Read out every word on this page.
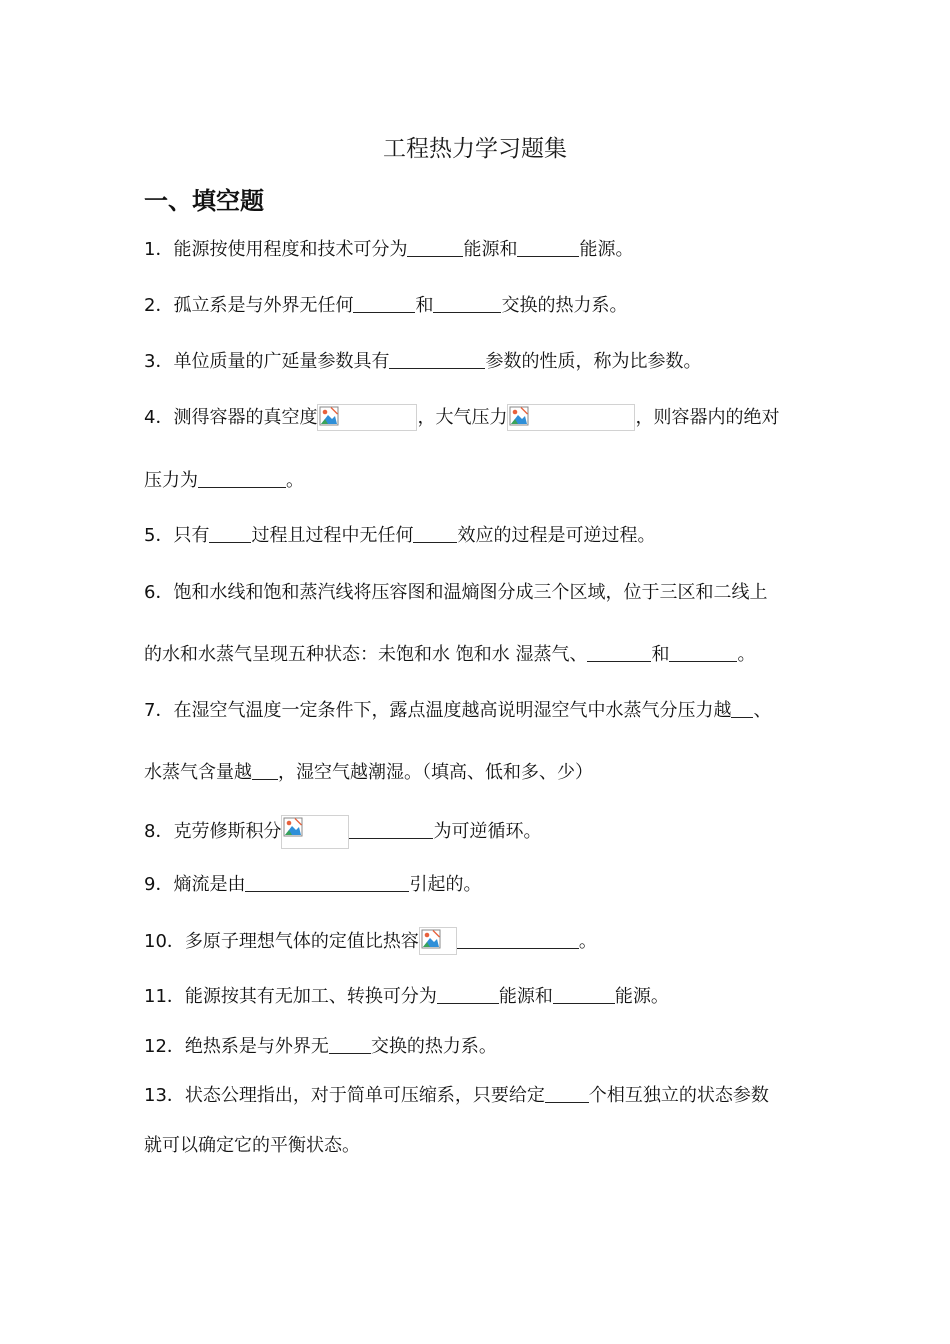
工程热力学习题集
一、填空题
1．能源按使用程度和技术可分为	能源和	能源。
2．孤立系是与外界无任何	和	交换的热力系。
3．单位质量的广延量参数具有	参数的性质，称为比参数。
4．测得容器的真空度	，大气压力	，则容器内的绝对
压力为	。
5．只有 过程且过程中无任何 效应的过程是可逆过程。
6．饱和水线和饱和蒸汽线将压容图和温熵图分成三个区域，位于三区和二线上
的水和水蒸气呈现五种状态：未饱和水 饱和水 湿蒸气、	和	。
7．在湿空气温度一定条件下，露点温度越高说明湿空气中水蒸气分压力越 、
水蒸气含量越 ，湿空气越潮湿。（填高、低和多、少）
8．克劳修斯积分	为可逆循环。
9．熵流是由	引起的。
10．多原子理想气体的定值比热容	。
11．能源按其有无加工、转换可分为	能源和	能源。
12．绝热系是与外界无 交换的热力系。
13．状态公理指出，对于简单可压缩系，只要给定 个相互独立的状态参数
就可以确定它的平衡状态。
